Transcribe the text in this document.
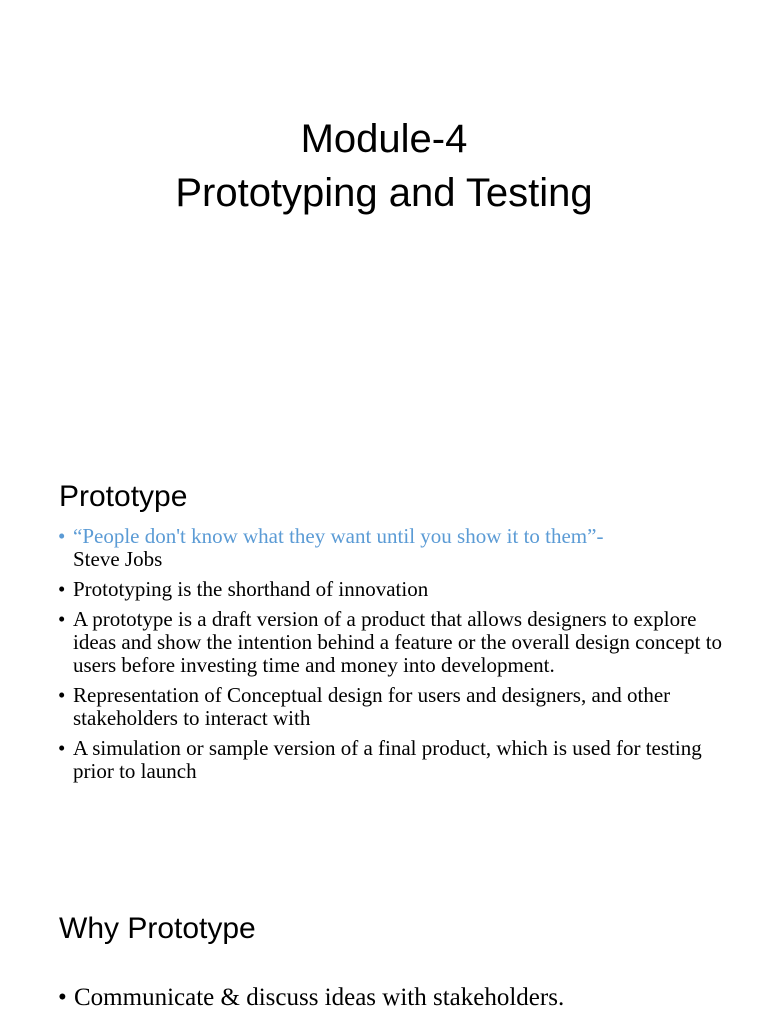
Module-4
Prototyping and Testing
Prototype
• “People don't know what they want until you show it to them”-
Steve Jobs
• Prototyping is the shorthand of innovation
• A prototype is a draft version of a product that allows designers to explore ideas and show the intention behind a feature or the overall design concept to users before investing time and money into development.
• Representation of Conceptual design for users and designers, and other stakeholders to interact with
• A simulation or sample version of a final product, which is used for testing prior to launch
Why Prototype
• Communicate & discuss ideas with stakeholders.
